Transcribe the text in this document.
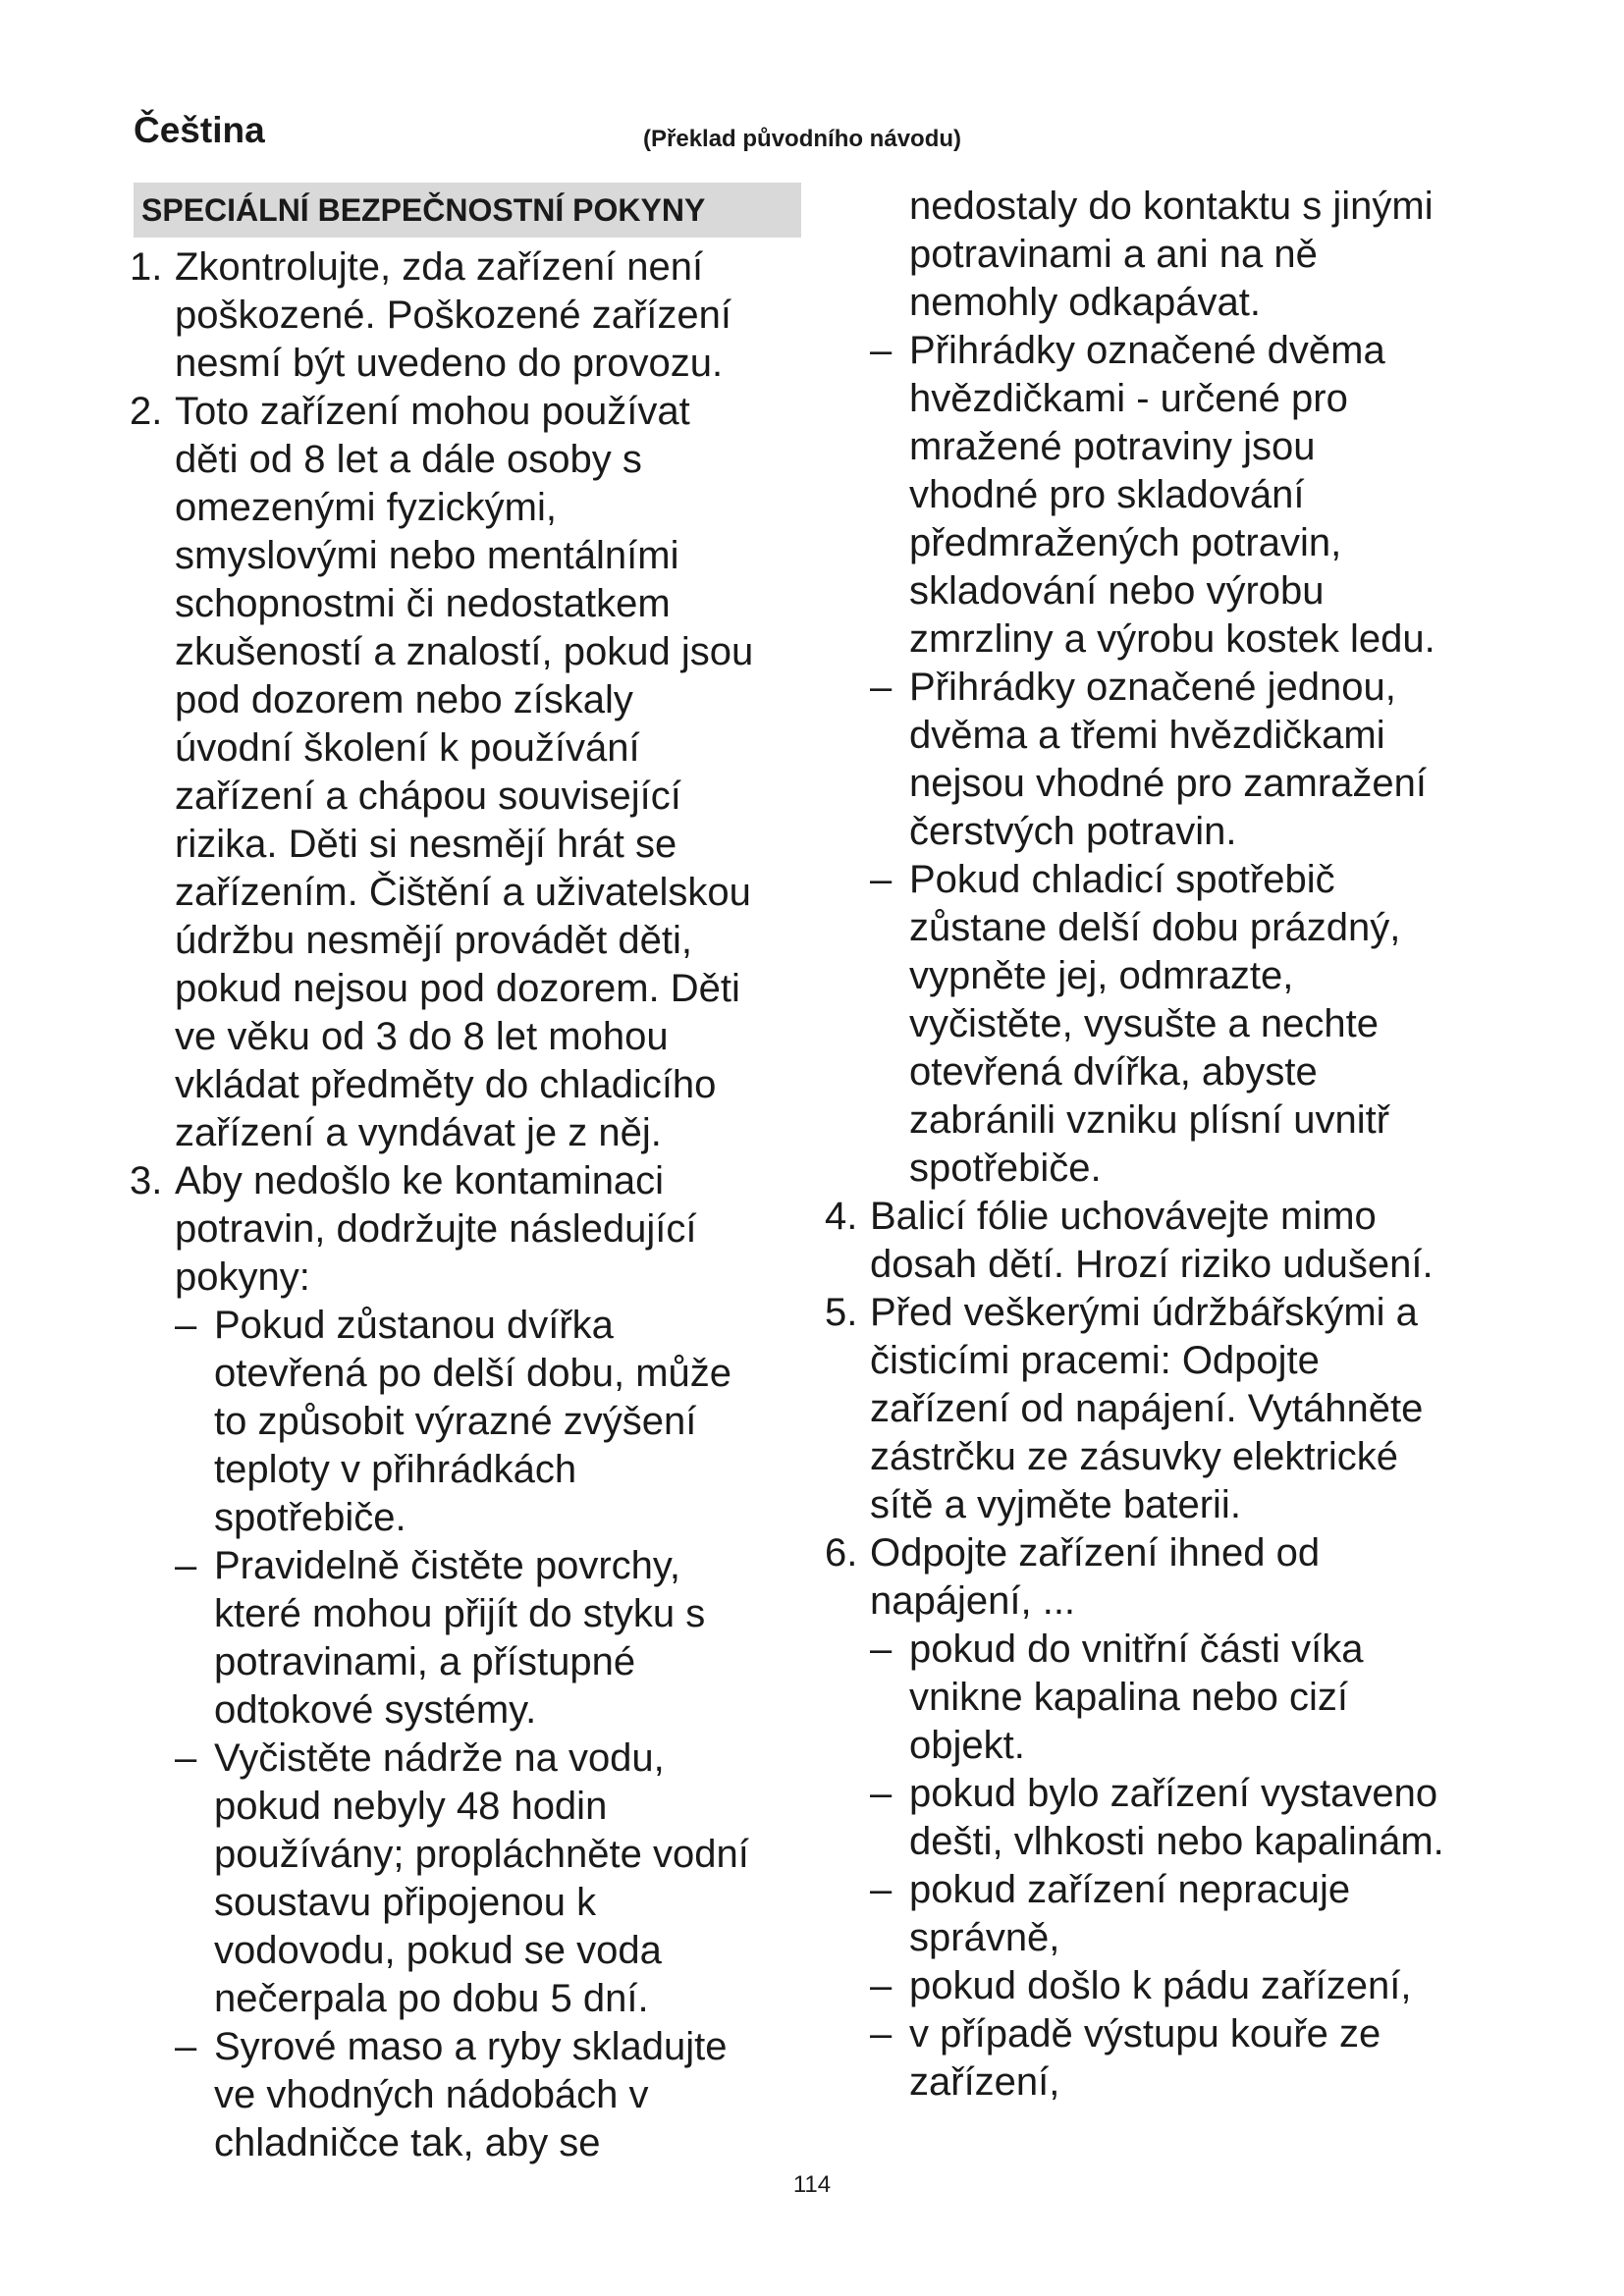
Čeština	(Překlad původního návodu)

SPECIÁLNÍ BEZPEČNOSTNÍ POKYNY
1. Zkontrolujte, zda zařízení není
poškozené. Poškozené zařízení
nesmí být uvedeno do provozu.
2. Toto zařízení mohou používat
děti od 8 let a dále osoby s
omezenými fyzickými,
smyslovými nebo mentálními
schopnostmi či nedostatkem
zkušeností a znalostí, pokud jsou
pod dozorem nebo získaly
úvodní školení k používání
zařízení a chápou související
rizika. Děti si nesmějí hrát se
zařízením. Čištění a uživatelskou
údržbu nesmějí provádět děti,
pokud nejsou pod dozorem. Děti
ve věku od 3 do 8 let mohou
vkládat předměty do chladicího
zařízení a vyndávat je z něj.
3. Aby nedošlo ke kontaminaci
potravin, dodržujte následující
pokyny:
– Pokud zůstanou dvířka
otevřená po delší dobu, může
to způsobit výrazné zvýšení
teploty v přihrádkách
spotřebiče.
– Pravidelně čistěte povrchy,
které mohou přijít do styku s
potravinami, a přístupné
odtokové systémy.
– Vyčistěte nádrže na vodu,
pokud nebyly 48 hodin
používány; propláchněte vodní
soustavu připojenou k
vodovodu, pokud se voda
nečerpala po dobu 5 dní.
– Syrové maso a ryby skladujte
ve vhodných nádobách v
chladničce tak, aby se
nedostaly do kontaktu s jinými
potravinami a ani na ně
nemohly odkapávat.
– Přihrádky označené dvěma
hvězdičkami - určené pro
mražené potraviny jsou
vhodné pro skladování
předmražených potravin,
skladování nebo výrobu
zmrzliny a výrobu kostek ledu.
– Přihrádky označené jednou,
dvěma a třemi hvězdičkami
nejsou vhodné pro zamražení
čerstvých potravin.
– Pokud chladicí spotřebič
zůstane delší dobu prázdný,
vypněte jej, odmrazte,
vyčistěte, vysušte a nechte
otevřená dvířka, abyste
zabránili vzniku plísní uvnitř
spotřebiče.
4. Balicí fólie uchovávejte mimo
dosah dětí. Hrozí riziko udušení.
5. Před veškerými údržbářskými a
čisticími pracemi: Odpojte
zařízení od napájení. Vytáhněte
zástrčku ze zásuvky elektrické
sítě a vyjměte baterii.
6. Odpojte zařízení ihned od
napájení, ...
– pokud do vnitřní části víka
vnikne kapalina nebo cizí
objekt.
– pokud bylo zařízení vystaveno
dešti, vlhkosti nebo kapalinám.
– pokud zařízení nepracuje
správně,
– pokud došlo k pádu zařízení,
– v případě výstupu kouře ze
zařízení,

114
